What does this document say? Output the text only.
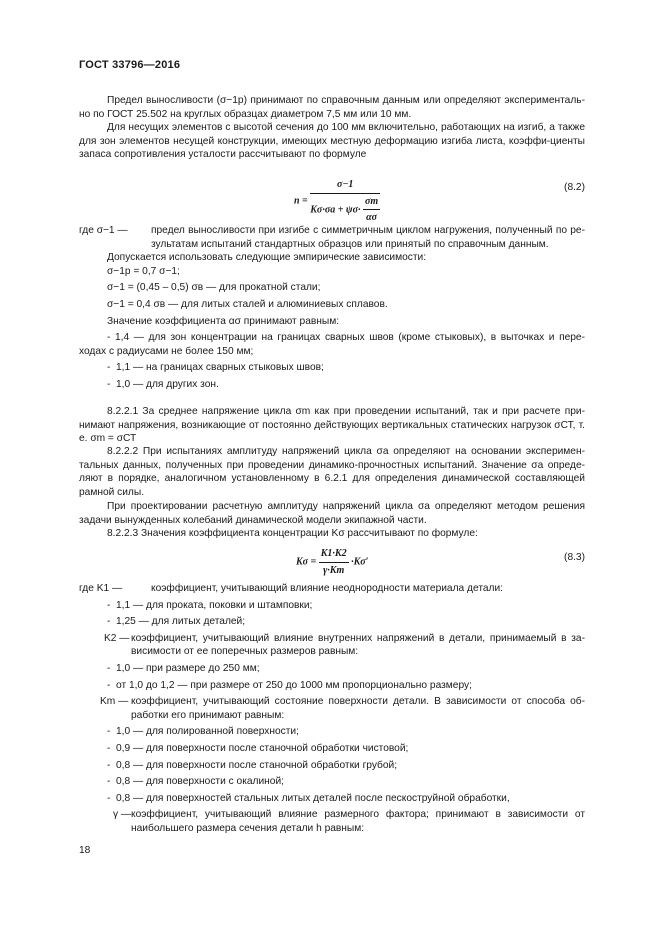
ГОСТ 33796—2016
Предел выносливости (σ−1p) принимают по справочным данным или определяют эксперименталь-но по ГОСТ 25.502 на круглых образцах диаметром 7,5 мм или 10 мм.
Для несущих элементов с высотой сечения до 100 мм включительно, работающих на изгиб, а также для зон элементов несущей конструкции, имеющих местную деформацию изгиба листа, коэффи-циенты запаса сопротивления усталости рассчитывают по формуле
$n = \frac{\sigma-1}{K\sigma\cdot\sigma a + \psi\sigma\cdot \frac{\sigma m}{\alpha\sigma}}$	(8.2)
где σ−1 — предел выносливости при изгибе с симметричным циклом нагружения, полученный по ре-зультатам испытаний стандартных образцов или принятый по справочным данным.
Допускается использовать следующие эмпирические зависимости:
σ−1p = 0,7 σ−1;
σ−1 = (0,45 – 0,5) σв — для прокатной стали;
σ−1 = 0,4 σв — для литых сталей и алюминиевых сплавов.
Значение коэффициента ασ принимают равным:
- 1,4 — для зон концентрации на границах сварных швов (кроме стыковых), в выточках и пере-ходах с радиусами не более 150 мм;
- 1,1 — на границах сварных стыковых швов;
- 1,0 — для других зон.
8.2.2.1 За среднее напряжение цикла σm как при проведении испытаний, так и при расчете при-нимают напряжения, возникающие от постоянно действующих вертикальных статических нагрузок σСТ, т. е. σm = σСТ
8.2.2.2 При испытаниях амплитуду напряжений цикла σa определяют на основании эксперимен-тальных данных, полученных при проведении динамико-прочностных испытаний. Значение σa опреде-ляют в порядке, аналогичном установленному в 6.2.1 для определения динамической составляющей рамной силы.
При проектировании расчетную амплитуду напряжений цикла σa определяют методом решения задачи вынужденных колебаний динамической модели экипажной части.
8.2.2.3 Значения коэффициента концентрации Kσ рассчитывают по формуле:
$K\sigma = \frac{K1\cdot K2}{\gamma\cdot Km} \cdot K\sigma'$	(8.3)
где K1 —	коэффициент, учитывающий влияние неоднородности материала детали:
- 1,1 — для проката, поковки и штамповки;
- 1,25 — для литых деталей;
K2 — коэффициент, учитывающий влияние внутренних напряжений в детали, принимаемый в за-висимости от ее поперечных размеров равным:
- 1,0 — при размере до 250 мм;
- от 1,0 до 1,2 — при размере от 250 до 1000 мм пропорционально размеру;
Km — коэффициент, учитывающий состояние поверхности детали. В зависимости от способа об-работки его принимают равным:
- 1,0 — для полированной поверхности;
- 0,9 — для поверхности после станочной обработки чистовой;
- 0,8 — для поверхности после станочной обработки грубой;
- 0,8 — для поверхности с окалиной;
- 0,8 — для поверхностей стальных литых деталей после пескоструйной обработки,
γ — коэффициент, учитывающий влияние размерного фактора; принимают в зависимости от наибольшего размера сечения детали h равным:
18
